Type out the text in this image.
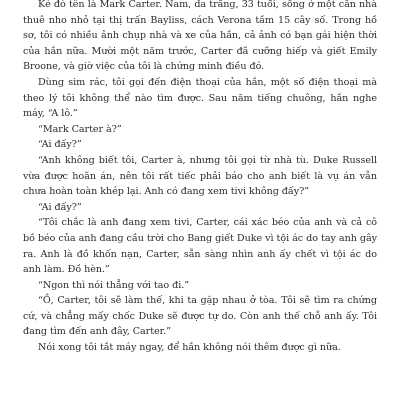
Kẻ đó tên là Mark Carter. Nam, da trắng, 33 tuổi, sống ở một căn nhà thuê nho nhỏ tại thị trấn Bayliss, cách Verona tầm 15 cây số. Trong hồ sơ, tôi có nhiều ảnh chụp nhà và xe của hắn, cả ảnh có bạn gái hiện thời của hắn nữa. Mười một năm trước, Carter đã cưỡng hiếp và giết Emily Broone, và giờ việc của tôi là chứng minh điều đó.

Dùng sim rác, tôi gọi đến điện thoại của hắn, một số điện thoại mà theo lý tôi không thể nào tìm được. Sau năm tiếng chuông, hắn nghe máy, “A lô.”

“Mark Carter à?”

“Ai đấy?”

“Anh không biết tôi, Carter à, nhưng tôi gọi từ nhà tù. Duke Russell vừa được hoãn án, nên tôi rất tiếc phải báo cho anh biết là vụ án vẫn chưa hoàn toàn khép lại. Anh có đang xem tivi không đấy?”

“Ai đấy?”

“Tôi chắc là anh đang xem tivi, Carter, cái xác béo của anh và cả cô bồ béo của anh đang cầu trời cho Bang giết Duke vì tội ác do tay anh gây ra. Anh là đồ khốn nạn, Carter, sẵn sàng nhìn anh ấy chết vì tội ác do anh làm. Đồ hèn.”

“Ngon thì nói thẳng với tao đi.”

“Ồ, Carter, tôi sẽ làm thế, khi ta gặp nhau ở tòa. Tôi sẽ tìm ra chứng cứ, và chẳng mấy chốc Duke sẽ được tự do. Còn anh thế chỗ anh ấy. Tôi đang tìm đến anh đây, Carter.”

Nói xong tôi tắt máy ngay, để hắn không nói thêm được gì nữa.
